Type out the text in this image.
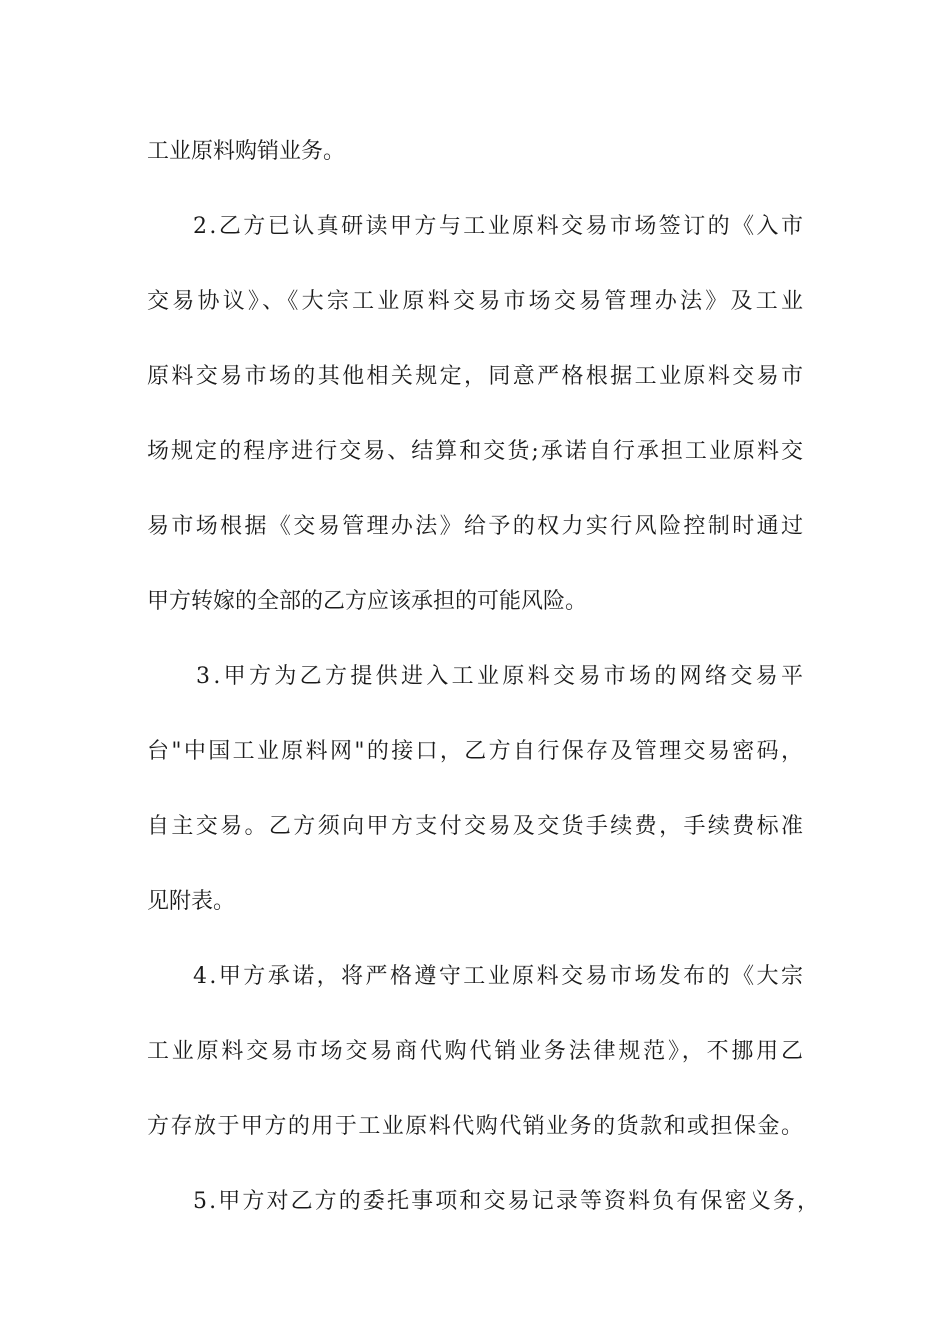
工业原料购销业务。

2.乙方已认真研读甲方与工业原料交易市场签订的《入市

交易协议》、《大宗工业原料交易市场交易管理办法》及工业

原料交易市场的其他相关规定，同意严格根据工业原料交易市

场规定的程序进行交易、结算和交货;承诺自行承担工业原料交

易市场根据《交易管理办法》给予的权力实行风险控制时通过

甲方转嫁的全部的乙方应该承担的可能风险。

3.甲方为乙方提供进入工业原料交易市场的网络交易平

台"中国工业原料网"的接口，乙方自行保存及管理交易密码，

自主交易。乙方须向甲方支付交易及交货手续费，手续费标准

见附表。

4.甲方承诺，将严格遵守工业原料交易市场发布的《大宗

工业原料交易市场交易商代购代销业务法律规范》，不挪用乙

方存放于甲方的用于工业原料代购代销业务的货款和或担保金。

5.甲方对乙方的委托事项和交易记录等资料负有保密义务，
